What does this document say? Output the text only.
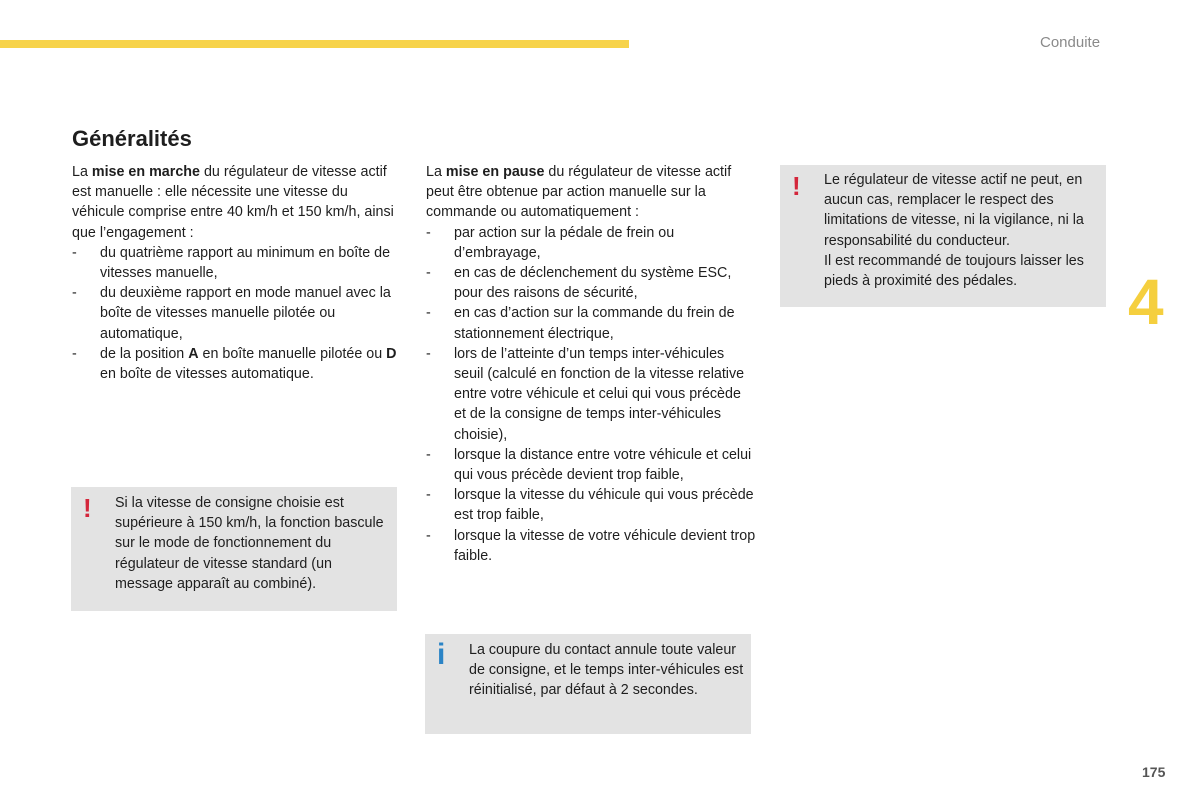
Conduite
4
Généralités

La mise en marche du régulateur de vitesse actif est manuelle : elle nécessite une vitesse du véhicule comprise entre 40 km/h et 150 km/h, ainsi que l’engagement :

- du quatrième rapport au minimum en boîte de vitesses manuelle,
- du deuxième rapport en mode manuel avec la boîte de vitesses manuelle pilotée ou automatique,
- de la position A en boîte manuelle pilotée ou D en boîte de vitesses automatique.
! Si la vitesse de consigne choisie est supérieure à 150 km/h, la fonction bascule sur le mode de fonctionnement du régulateur de vitesse standard (un message apparaît au combiné).

La mise en pause du régulateur de vitesse actif peut être obtenue par action manuelle sur la commande ou automatiquement :

- par action sur la pédale de frein ou d’embrayage,
- en cas de déclenchement du système ESC, pour des raisons de sécurité,
- en cas d’action sur la commande du frein de stationnement électrique,
- lors de l’atteinte d’un temps inter-véhicules seuil (calculé en fonction de la vitesse relative entre votre véhicule et celui qui vous précède et de la consigne de temps inter-véhicules choisie),
- lorsque la distance entre votre véhicule et celui qui vous précède devient trop faible,
- lorsque la vitesse du véhicule qui vous précède est trop faible,
- lorsque la vitesse de votre véhicule devient trop faible.
i La coupure du contact annule toute valeur de consigne, et le temps inter-véhicules est réinitialisé, par défaut à 2 secondes.

! Le régulateur de vitesse actif ne peut, en aucun cas, remplacer le respect des limitations de vitesse, ni la vigilance, ni la responsabilité du conducteur.

Il est recommandé de toujours laisser les pieds à proximité des pédales.

175
